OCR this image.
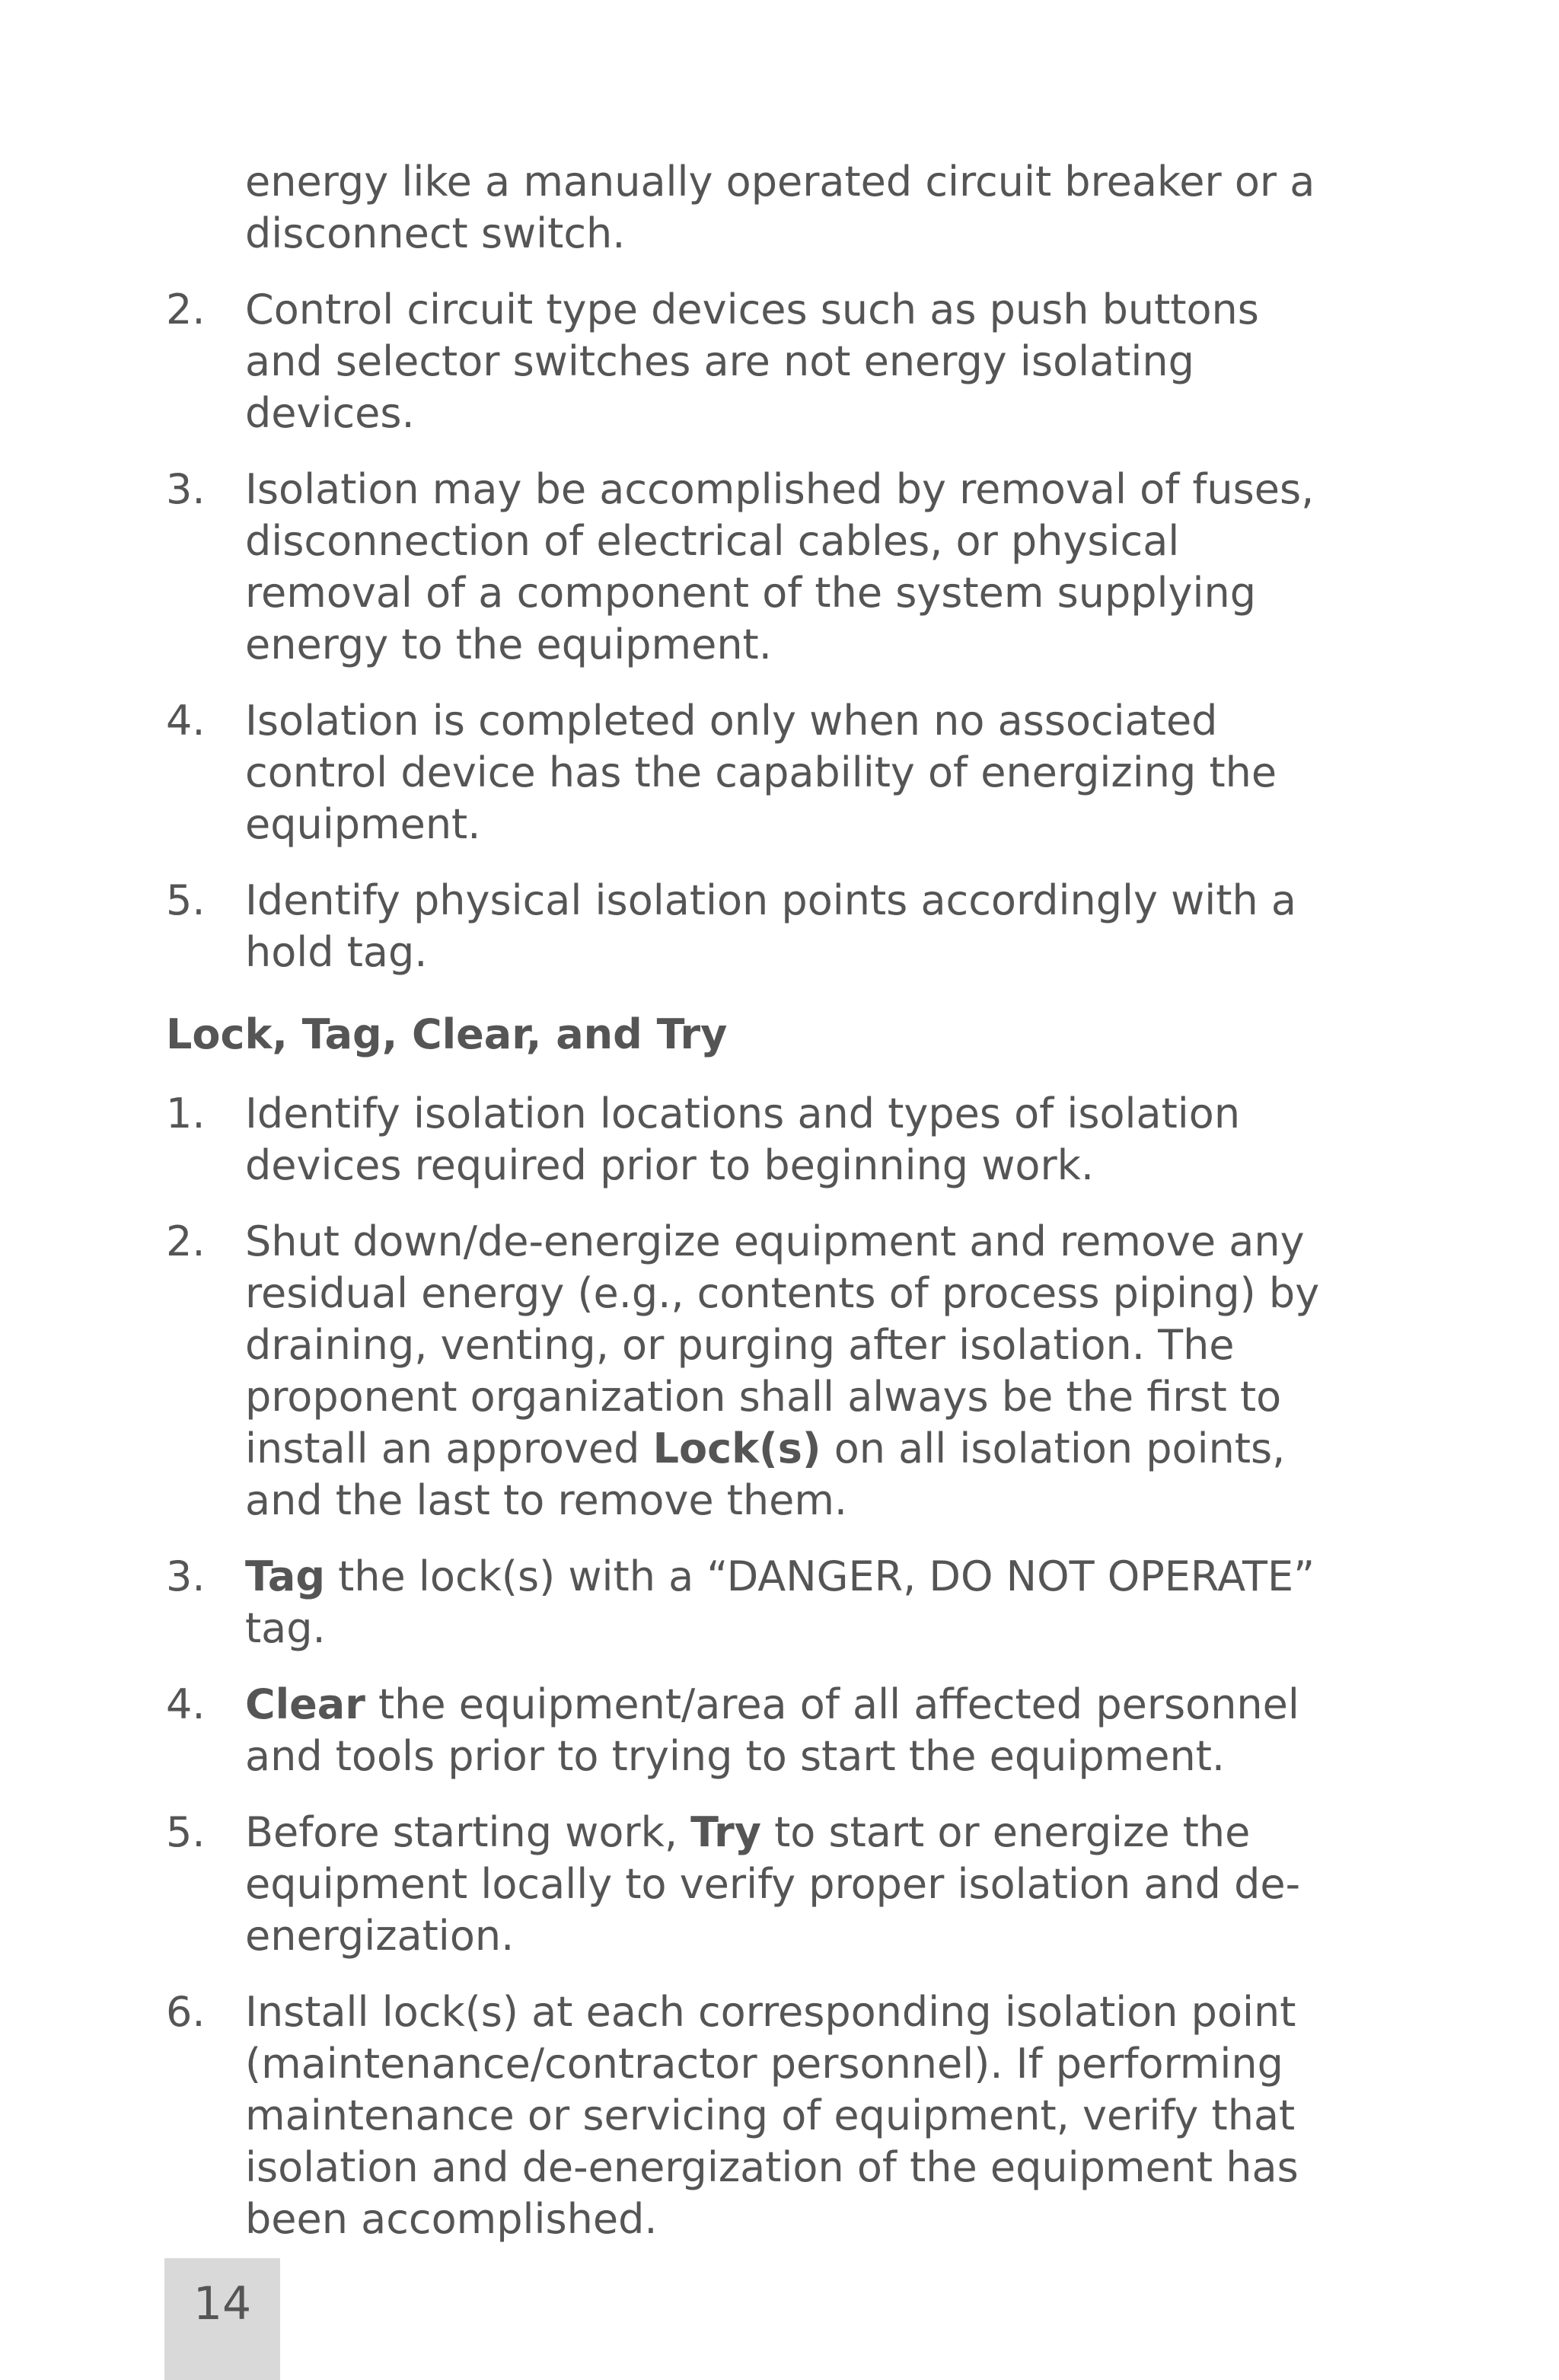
energy like a manually operated circuit breaker or a disconnect switch.

2. Control circuit type devices such as push buttons and selector switches are not energy isolating devices.
3. Isolation may be accomplished by removal of fuses, disconnection of electrical cables, or physical removal of a component of the system supplying energy to the equipment.
4. Isolation is completed only when no associated control device has the capability of energizing the equipment.
5. Identify physical isolation points accordingly with a hold tag.
Lock, Tag, Clear, and Try
1. Identify isolation locations and types of isolation devices required prior to beginning work.
2. Shut down/de-energize equipment and remove any residual energy (e.g., contents of process piping) by draining, venting, or purging after isolation. The proponent organization shall always be the first to install an approved Lock(s) on all isolation points, and the last to remove them.
3. Tag the lock(s) with a “DANGER, DO NOT OPERATE” tag.
4. Clear the equipment/area of all affected personnel and tools prior to trying to start the equipment.
5. Before starting work, Try to start or energize the equipment locally to verify proper isolation and de-energization.
6. Install lock(s) at each corresponding isolation point (maintenance/contractor personnel). If performing maintenance or servicing of equipment, verify that isolation and de-energization of the equipment has been accomplished.
14
